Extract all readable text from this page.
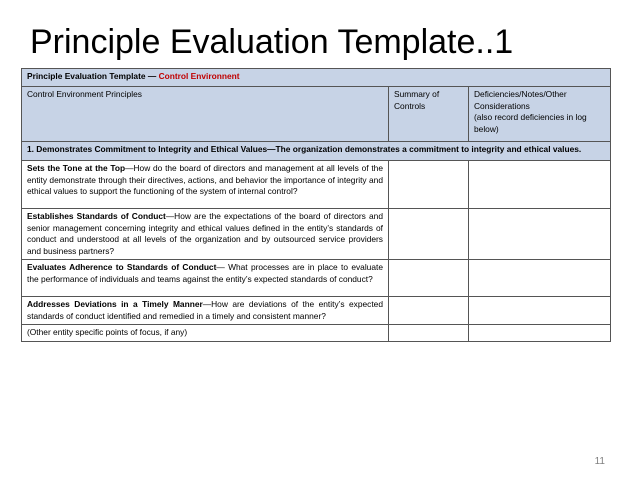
Principle Evaluation Template..1
Principle Evaluation Template — Control Environnent		
Control Environment Principles	Summary of Controls	Deficiencies/Notes/Other Considerations
(also record deficiencies in log below)
1. Demonstrates Commitment to Integrity and Ethical Values—The organization demonstrates a commitment to integrity and ethical values.		
Sets the Tone at the Top—How do the board of directors and management at all levels of the entity demonstrate through their directives, actions, and behavior the importance of integrity and ethical values to support the functioning of the system of internal control?		
Establishes Standards of Conduct—How are the expectations of the board of directors and senior management concerning integrity and ethical values defined in the entity’s standards of conduct and understood at all levels of the organization and by outsourced service providers and business partners?		
Evaluates Adherence to Standards of Conduct— What processes are in place to evaluate the performance of individuals and teams against the entity’s expected standards of conduct?		
Addresses Deviations in a Timely Manner—How are deviations of the entity’s expected standards of conduct identified and remedied in a timely and consistent manner?		
(Other entity specific points of focus, if any)		
11
